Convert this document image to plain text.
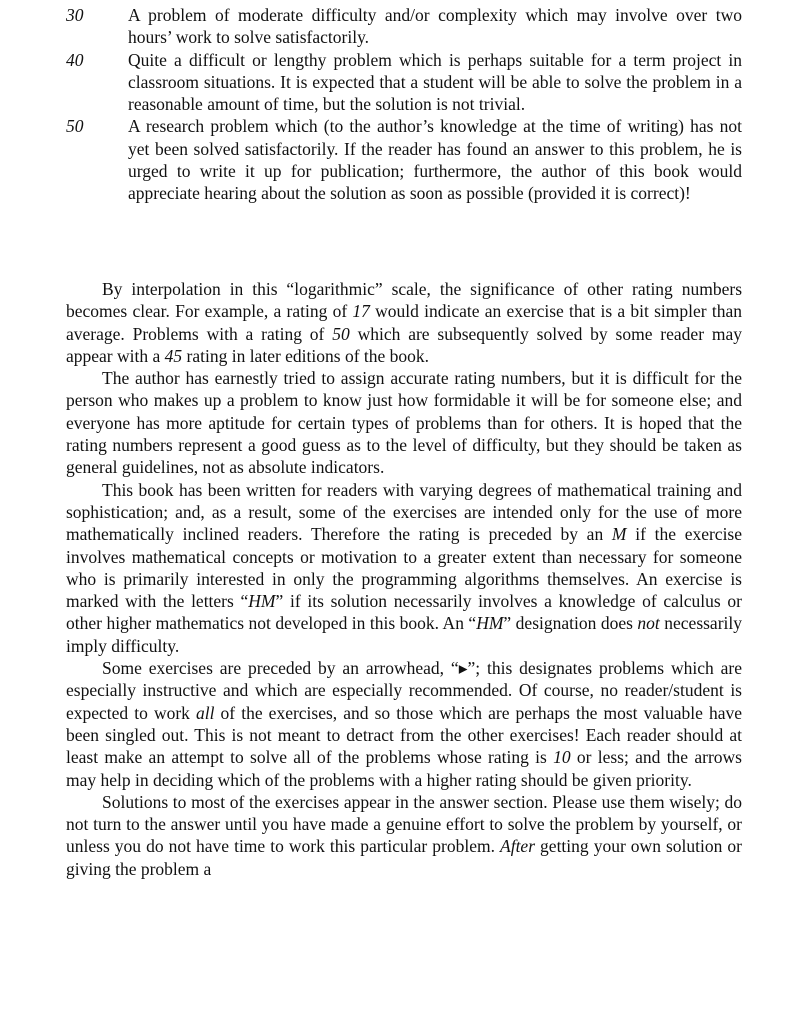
30	A problem of moderate difficulty and/or complexity which may involve over two hours’ work to solve satisfactorily.
40	Quite a difficult or lengthy problem which is perhaps suitable for a term project in classroom situations. It is expected that a student will be able to solve the problem in a reasonable amount of time, but the solution is not trivial.
50	A research problem which (to the author’s knowledge at the time of writing) has not yet been solved satisfactorily. If the reader has found an answer to this problem, he is urged to write it up for publication; furthermore, the author of this book would appreciate hearing about the solution as soon as possible (provided it is correct)!

By interpolation in this “logarithmic” scale, the significance of other rating numbers becomes clear. For example, a rating of 17 would indicate an exercise that is a bit simpler than average. Problems with a rating of 50 which are subsequently solved by some reader may appear with a 45 rating in later editions of the book.

The author has earnestly tried to assign accurate rating numbers, but it is difficult for the person who makes up a problem to know just how formidable it will be for someone else; and everyone has more aptitude for certain types of problems than for others. It is hoped that the rating numbers represent a good guess as to the level of difficulty, but they should be taken as general guidelines, not as absolute indicators.

This book has been written for readers with varying degrees of mathematical training and sophistication; and, as a result, some of the exercises are intended only for the use of more mathematically inclined readers. Therefore the rating is preceded by an M if the exercise involves mathematical concepts or motivation to a greater extent than necessary for someone who is primarily interested in only the programming algorithms themselves. An exercise is marked with the letters “HM” if its solution necessarily involves a knowledge of calculus or other higher mathematics not developed in this book. An “HM” designation does not necessarily imply difficulty.

Some exercises are preceded by an arrowhead, “▸”; this designates problems which are especially instructive and which are especially recommended. Of course, no reader/student is expected to work all of the exercises, and so those which are perhaps the most valuable have been singled out. This is not meant to detract from the other exercises! Each reader should at least make an attempt to solve all of the problems whose rating is 10 or less; and the arrows may help in deciding which of the problems with a higher rating should be given priority.

Solutions to most of the exercises appear in the answer section. Please use them wisely; do not turn to the answer until you have made a genuine effort to solve the problem by yourself, or unless you do not have time to work this particular problem. After getting your own solution or giving the problem a
